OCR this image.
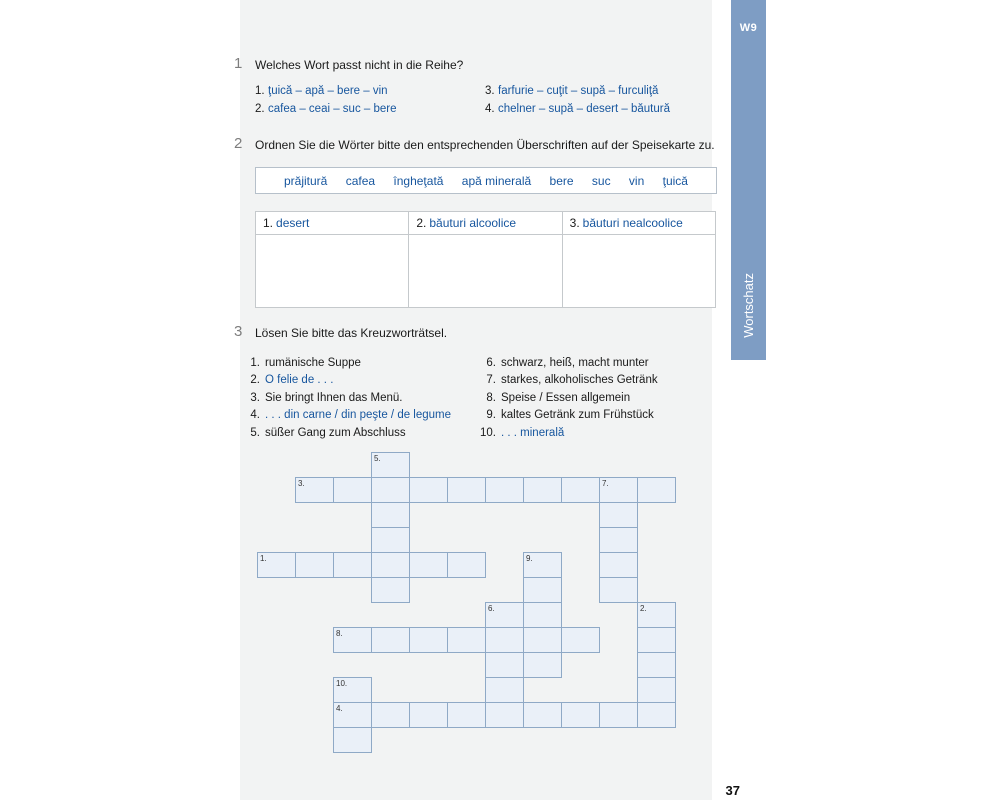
W9
Wortschatz
1 Welches Wort passt nicht in die Reihe?
1. ţuică – apă – bere – vin
2. cafea – ceai – suc – bere
3. farfurie – cuţit – supă – furculiţă
4. chelner – supă – desert – băutură
2 Ordnen Sie die Wörter bitte den entsprechenden Überschriften auf der Speisekarte zu.
prăjitură cafea îngheţată apă minerală bere suc vin ţuică
1. desert	2. băuturi alcoolice	3. băuturi nealcoolice
3 Lösen Sie bitte das Kreuzworträtsel.
1. rumänische Suppe
2. O felie de . . .
3. Sie bringt Ihnen das Menü.
4. . . . din carne / din peşte / de legume
5. süßer Gang zum Abschluss
6. schwarz, heiß, macht munter
7. starkes, alkoholisches Getränk
8. Speise / Essen allgemein
9. kaltes Getränk zum Frühstück
10. . . . minerală
1.
2.
3.	7.
4.
5.
6.
8.
9.
10.
37
